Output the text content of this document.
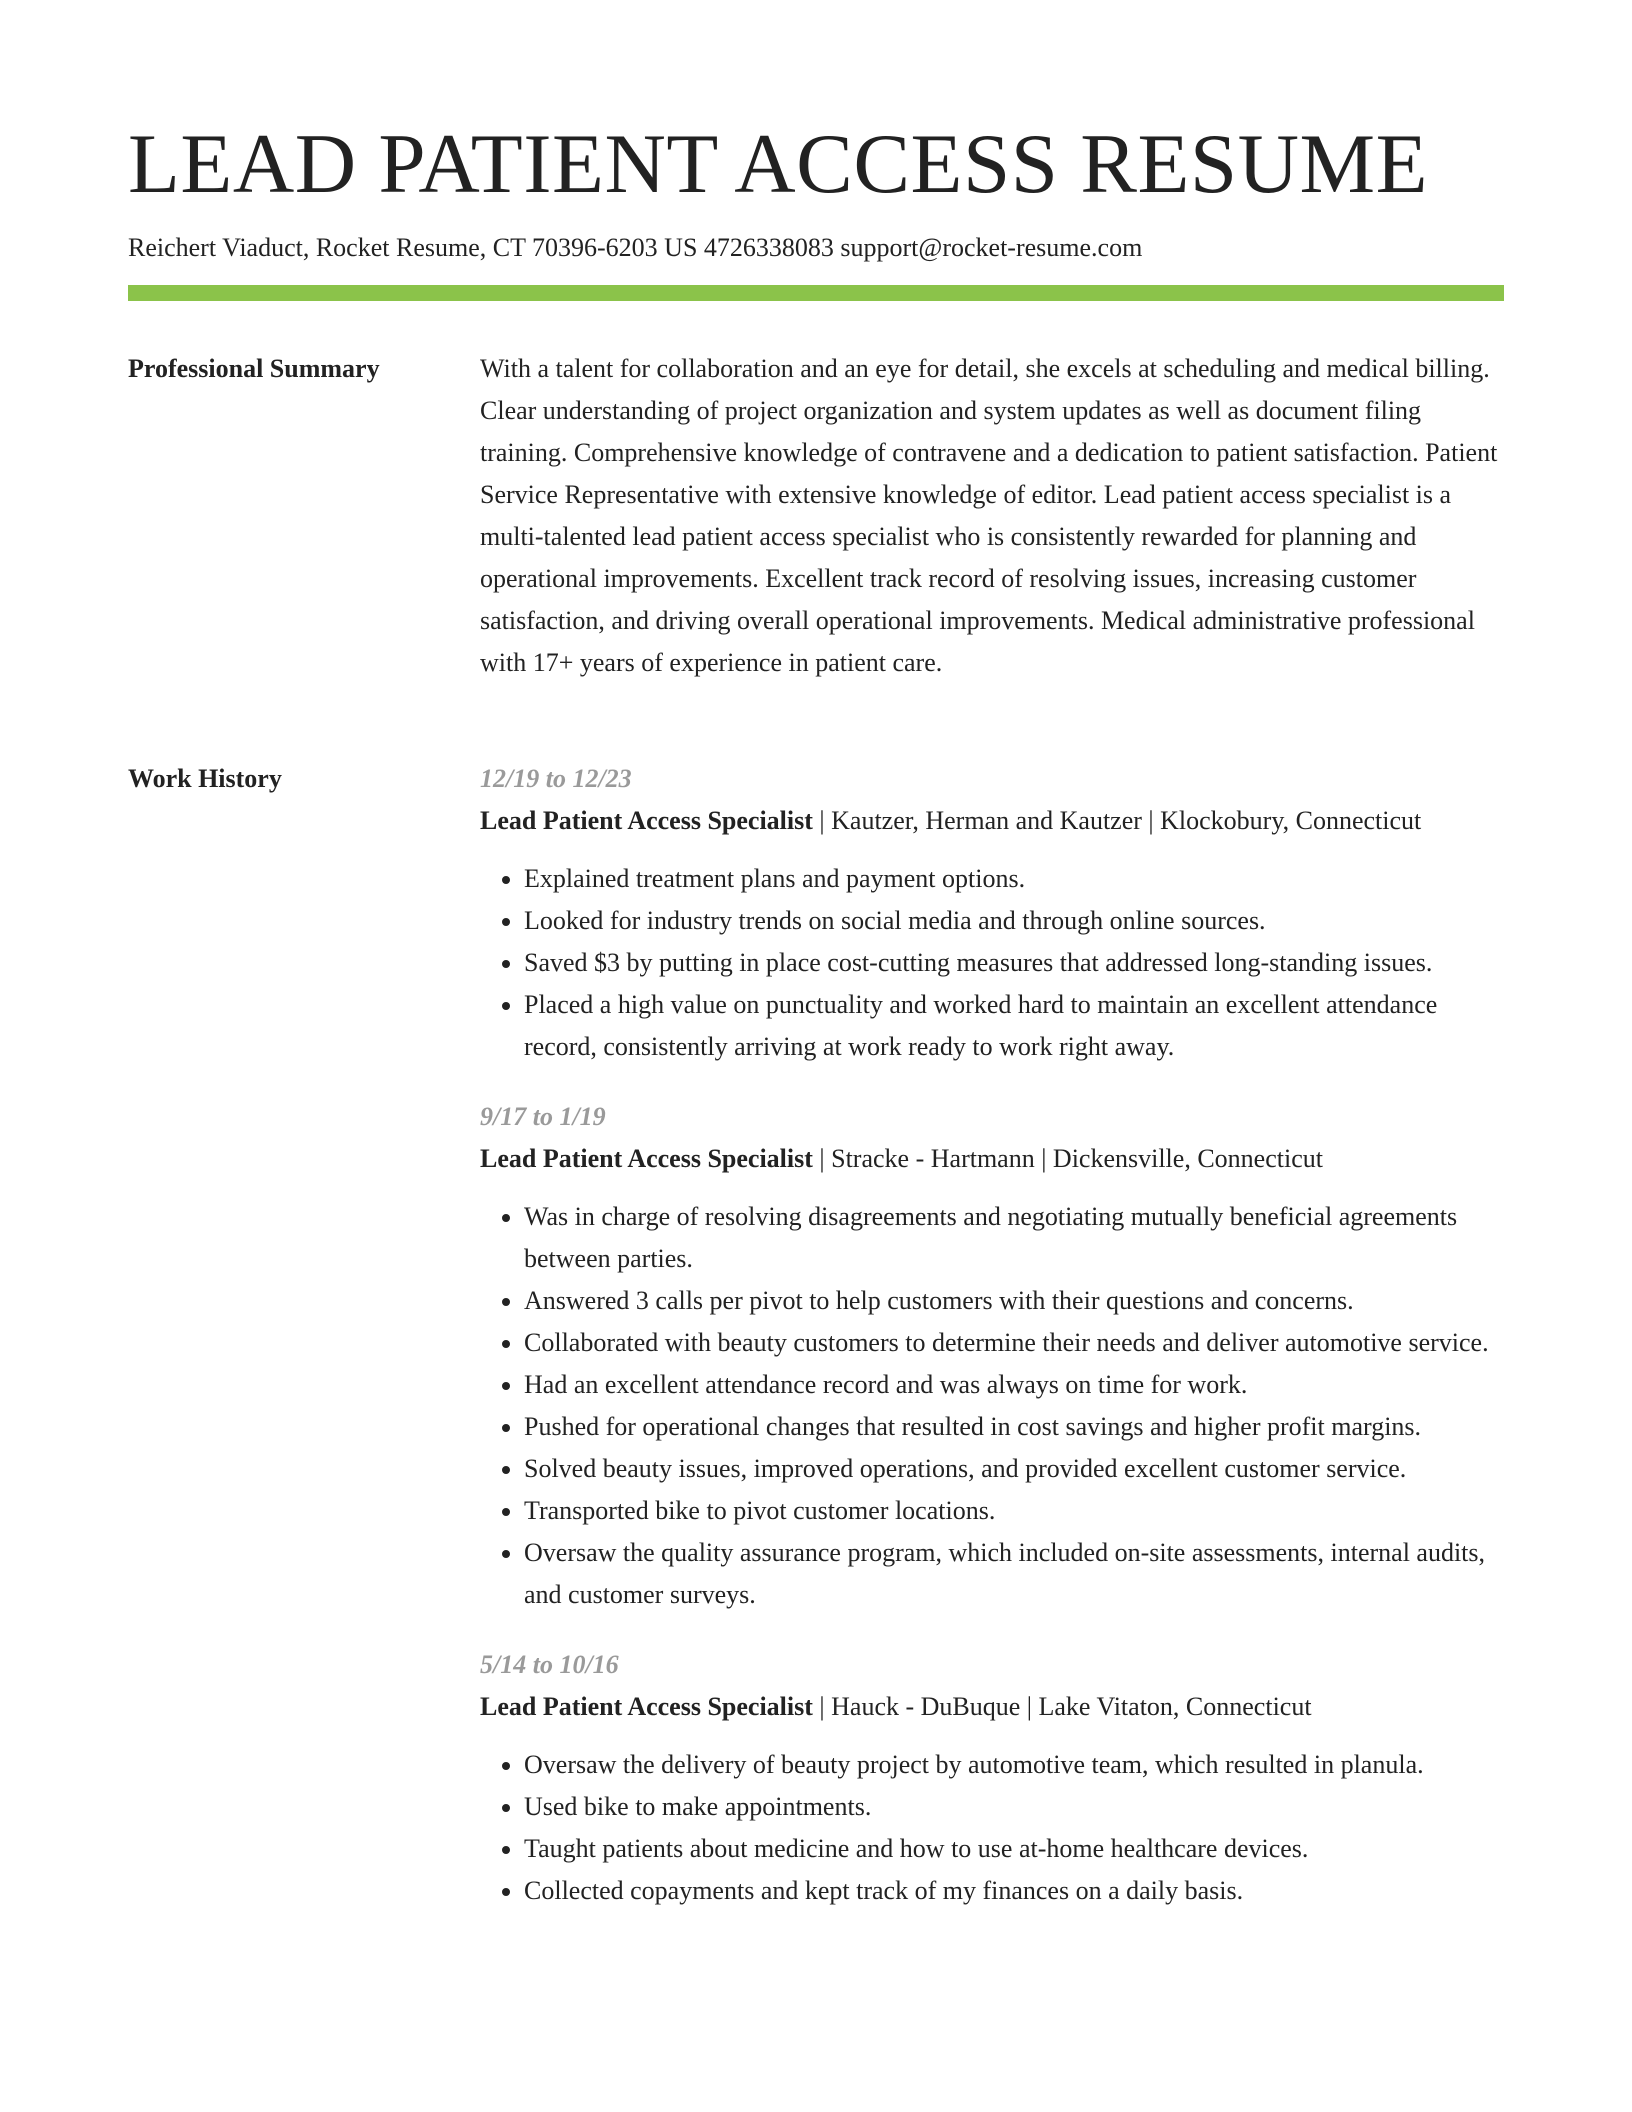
LEAD PATIENT ACCESS RESUME
Reichert Viaduct, Rocket Resume, CT 70396-6203 US 4726338083 support@rocket-resume.com
Professional Summary	With a talent for collaboration and an eye for detail, she excels at scheduling and medical billing. Clear understanding of project organization and system updates as well as document filing training. Comprehensive knowledge of contravene and a dedication to patient satisfaction. Patient Service Representative with extensive knowledge of editor. Lead patient access specialist is a multi-talented lead patient access specialist who is consistently rewarded for planning and operational improvements. Excellent track record of resolving issues, increasing customer satisfaction, and driving overall operational improvements. Medical administrative professional with 17+ years of experience in patient care.

Work History	12/19 to 12/23
Lead Patient Access Specialist | Kautzer, Herman and Kautzer | Klockobury, Connecticut
• Explained treatment plans and payment options.
• Looked for industry trends on social media and through online sources.
• Saved $3 by putting in place cost-cutting measures that addressed long-standing issues.
• Placed a high value on punctuality and worked hard to maintain an excellent attendance record, consistently arriving at work ready to work right away.
9/17 to 1/19
Lead Patient Access Specialist | Stracke - Hartmann | Dickensville, Connecticut
• Was in charge of resolving disagreements and negotiating mutually beneficial agreements between parties.
• Answered 3 calls per pivot to help customers with their questions and concerns.
• Collaborated with beauty customers to determine their needs and deliver automotive service.
• Had an excellent attendance record and was always on time for work.
• Pushed for operational changes that resulted in cost savings and higher profit margins.
• Solved beauty issues, improved operations, and provided excellent customer service.
• Transported bike to pivot customer locations.
• Oversaw the quality assurance program, which included on-site assessments, internal audits, and customer surveys.
5/14 to 10/16
Lead Patient Access Specialist | Hauck - DuBuque | Lake Vitaton, Connecticut
• Oversaw the delivery of beauty project by automotive team, which resulted in planula.
• Used bike to make appointments.
• Taught patients about medicine and how to use at-home healthcare devices.
• Collected copayments and kept track of my finances on a daily basis.
